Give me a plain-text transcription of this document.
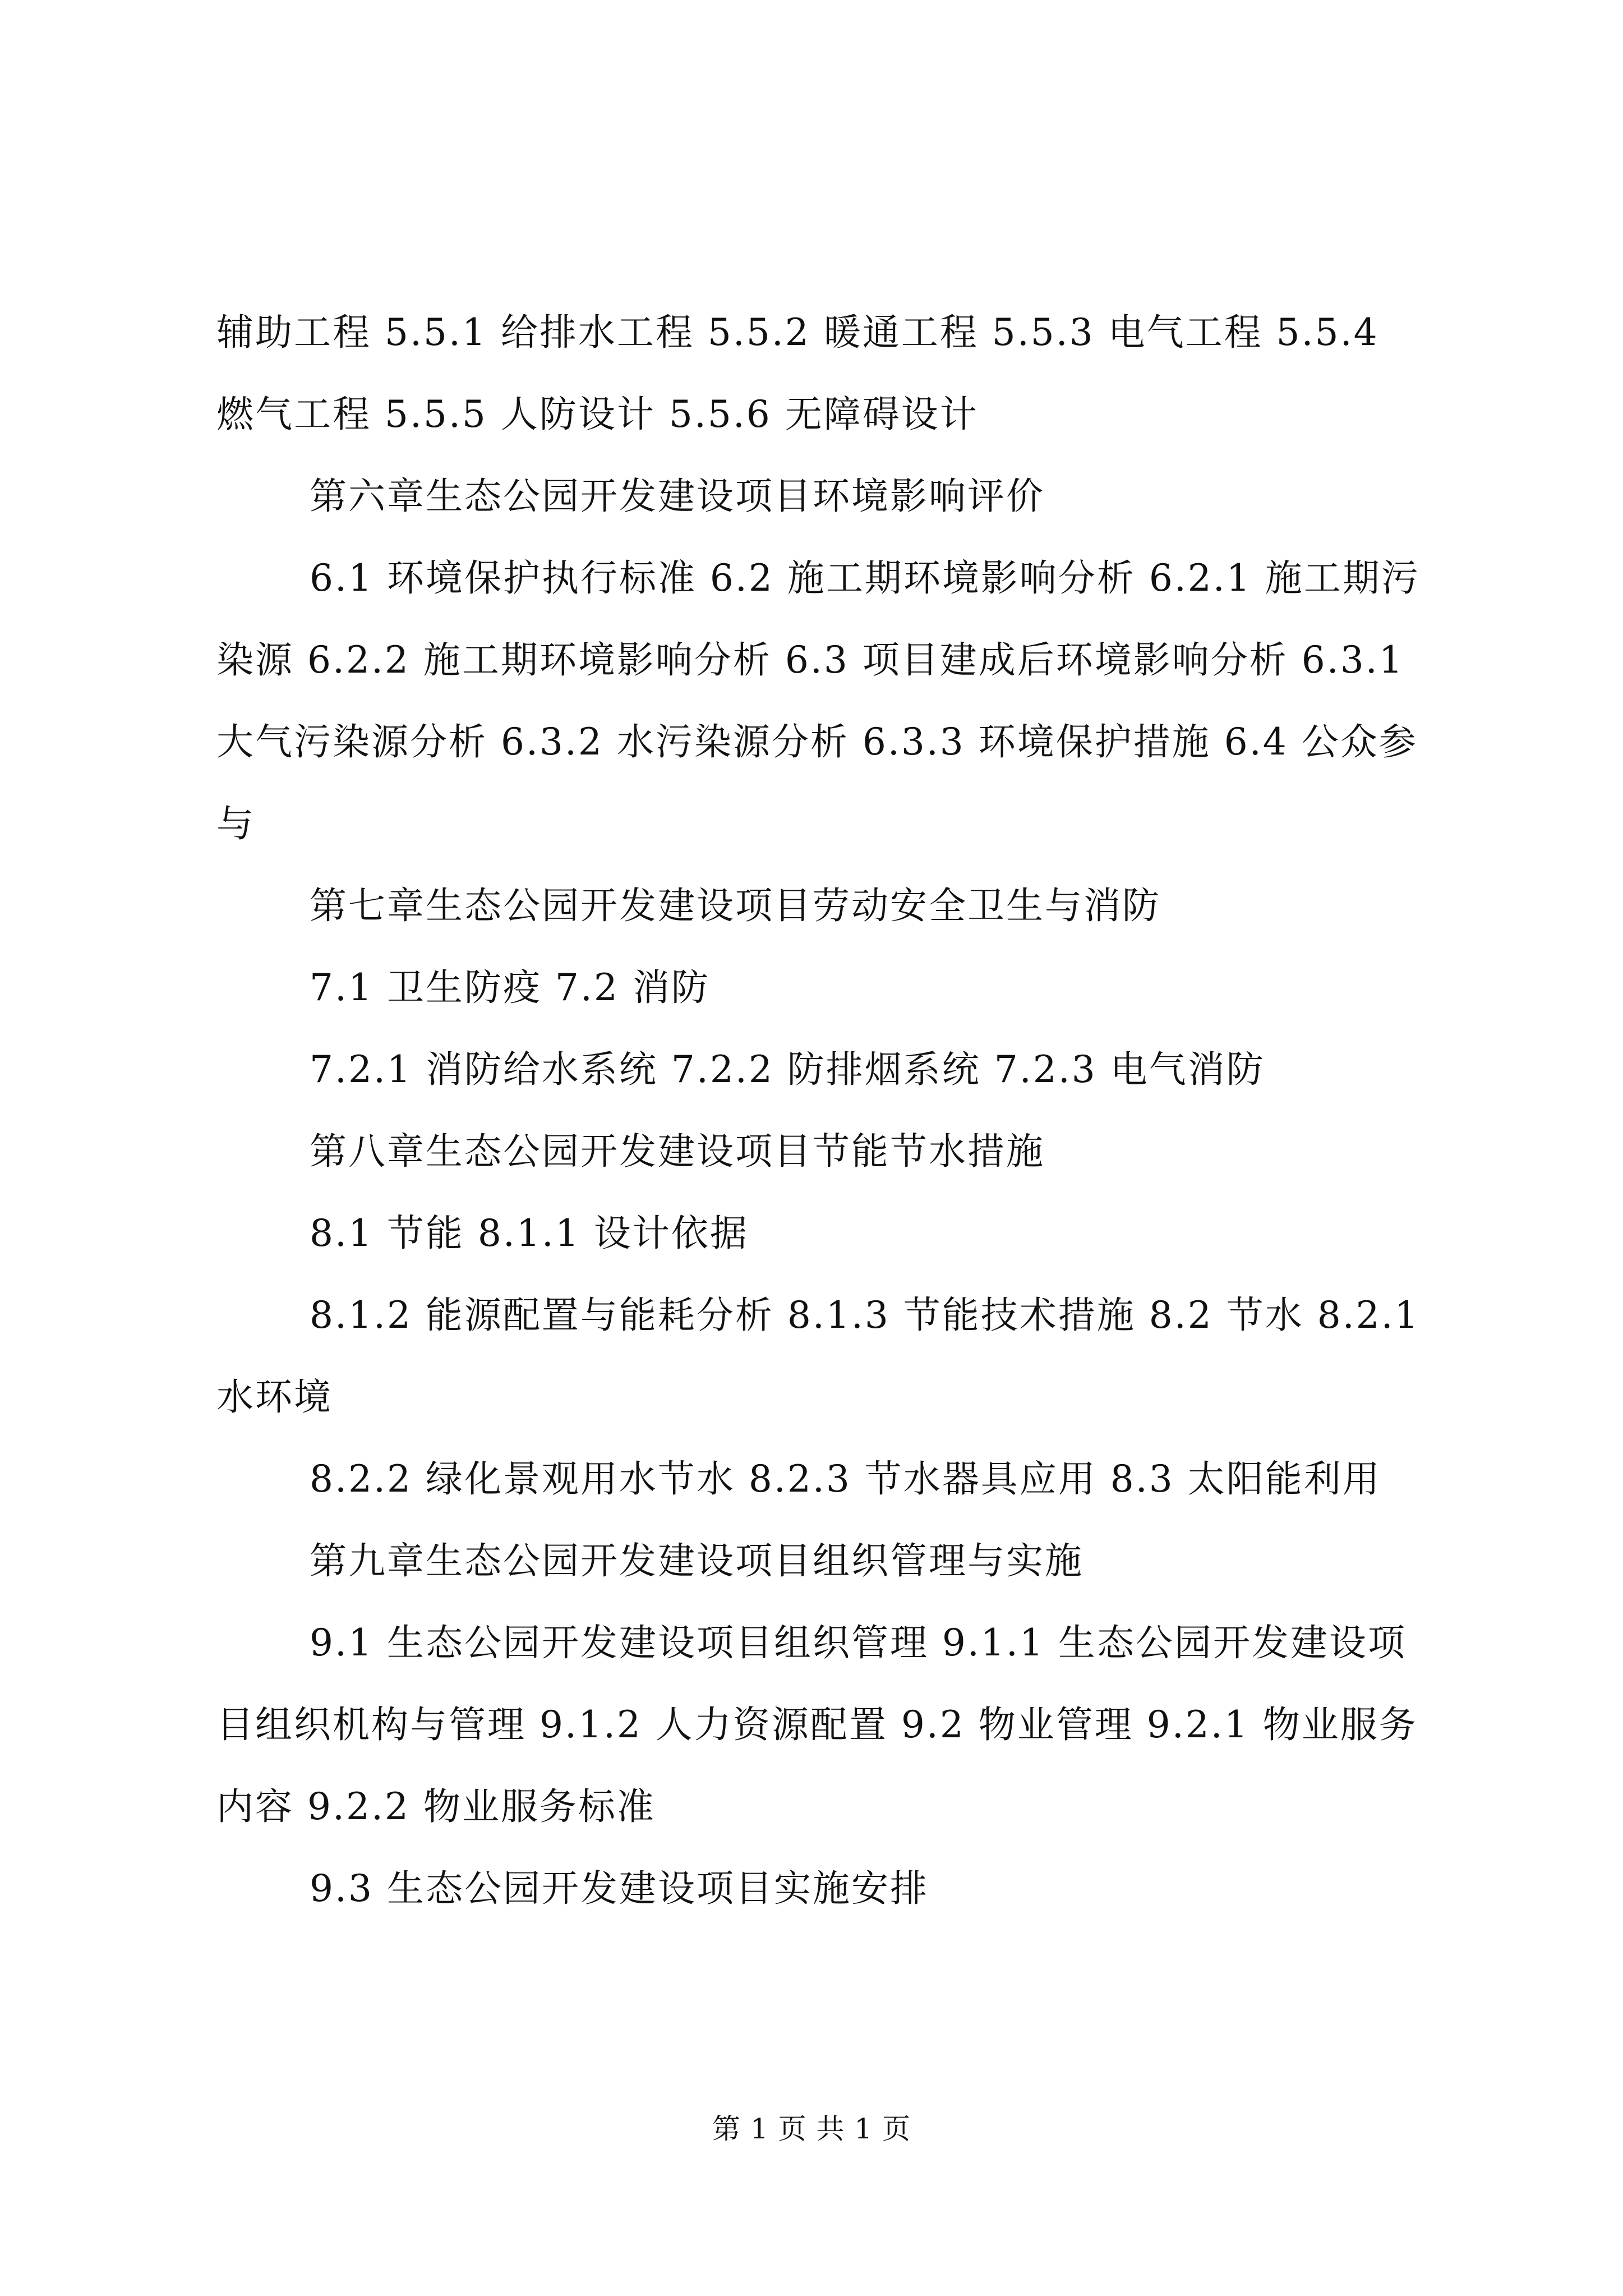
辅助工程 5.5.1 给排水工程 5.5.2 暖通工程 5.5.3 电气工程 5.5.4 燃气工程 5.5.5 人防设计 5.5.6 无障碍设计

第六章生态公园开发建设项目环境影响评价

6.1 环境保护执行标准 6.2 施工期环境影响分析 6.2.1 施工期污染源 6.2.2 施工期环境影响分析 6.3 项目建成后环境影响分析 6.3.1 大气污染源分析 6.3.2 水污染源分析 6.3.3 环境保护措施 6.4 公众参与

第七章生态公园开发建设项目劳动安全卫生与消防

7.1 卫生防疫 7.2 消防

7.2.1 消防给水系统 7.2.2 防排烟系统 7.2.3 电气消防

第八章生态公园开发建设项目节能节水措施

8.1 节能 8.1.1 设计依据

8.1.2 能源配置与能耗分析 8.1.3 节能技术措施 8.2 节水 8.2.1 水环境

8.2.2 绿化景观用水节水 8.2.3 节水器具应用 8.3 太阳能利用

第九章生态公园开发建设项目组织管理与实施

9.1 生态公园开发建设项目组织管理 9.1.1 生态公园开发建设项目组织机构与管理 9.1.2 人力资源配置 9.2 物业管理 9.2.1 物业服务内容 9.2.2 物业服务标准

9.3 生态公园开发建设项目实施安排

第 1 页 共 1 页
